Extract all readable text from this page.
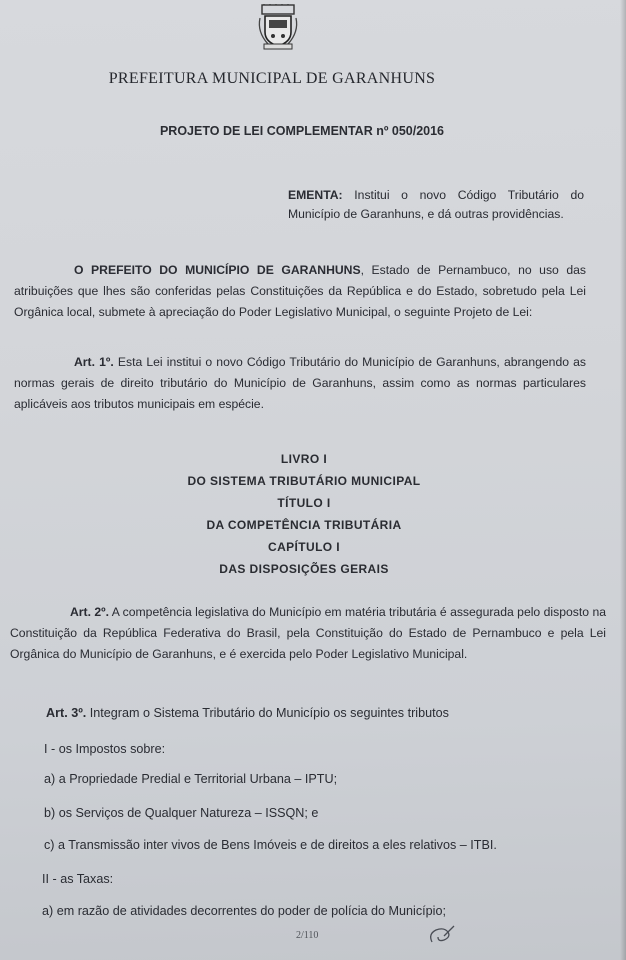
PREFEITURA MUNICIPAL DE GARANHUNS
PROJETO DE LEI COMPLEMENTAR nº 050/2016
EMENTA: Institui o novo Código Tributário do Município de Garanhuns, e dá outras providências.
O PREFEITO DO MUNICÍPIO DE GARANHUNS, Estado de Pernambuco, no uso das atribuições que lhes são conferidas pelas Constituições da República e do Estado, sobretudo pela Lei Orgânica local, submete à apreciação do Poder Legislativo Municipal, o seguinte Projeto de Lei:
Art. 1º. Esta Lei institui o novo Código Tributário do Município de Garanhuns, abrangendo as normas gerais de direito tributário do Município de Garanhuns, assim como as normas particulares aplicáveis aos tributos municipais em espécie.
LIVRO I
DO SISTEMA TRIBUTÁRIO MUNICIPAL
TÍTULO I
DA COMPETÊNCIA TRIBUTÁRIA
CAPÍTULO I
DAS DISPOSIÇÕES GERAIS
Art. 2º. A competência legislativa do Município em matéria tributária é assegurada pelo disposto na Constituição da República Federativa do Brasil, pela Constituição do Estado de Pernambuco e pela Lei Orgânica do Município de Garanhuns, e é exercida pelo Poder Legislativo Municipal.
Art. 3º. Integram o Sistema Tributário do Município os seguintes tributos
I - os Impostos sobre:
a) a Propriedade Predial e Territorial Urbana – IPTU;
b) os Serviços de Qualquer Natureza – ISSQN; e
c) a Transmissão inter vivos de Bens Imóveis e de direitos a eles relativos – ITBI.
II - as Taxas:
a) em razão de atividades decorrentes do poder de polícia do Município;
2/110
